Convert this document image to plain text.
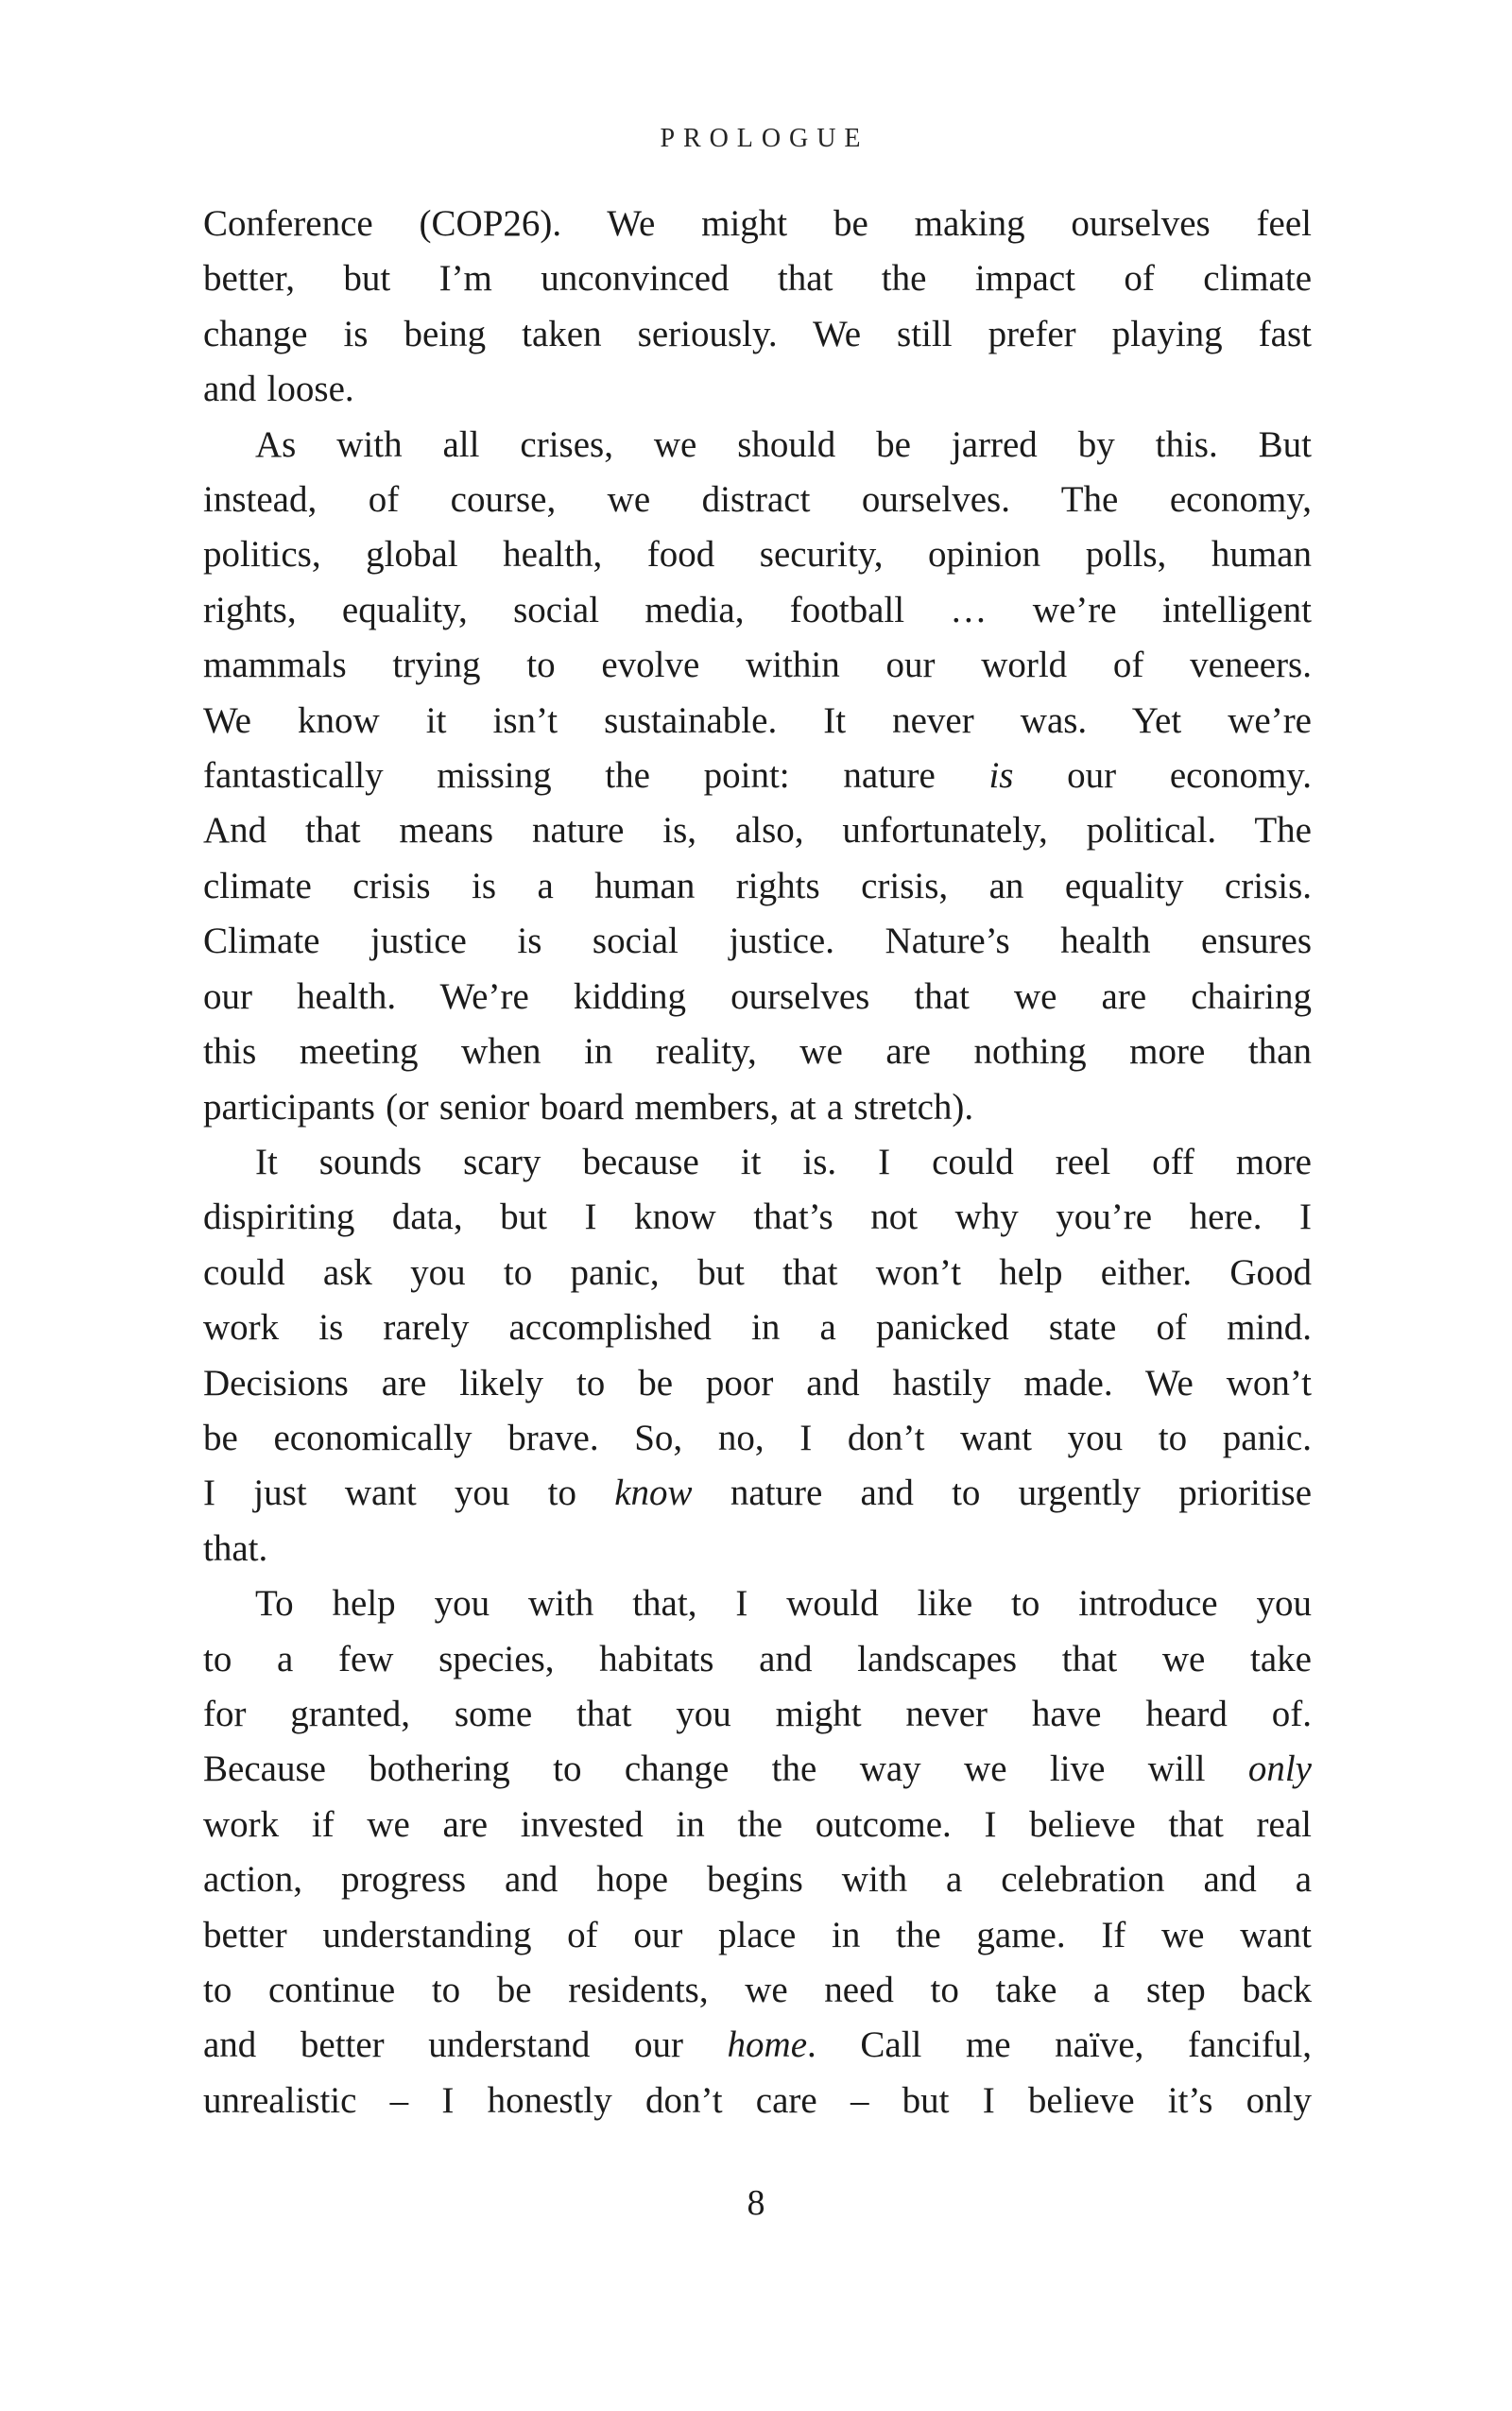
PROLOGUE
Conference (COP26). We might be making ourselves feel
better, but I’m unconvinced that the impact of climate
change is being taken seriously. We still prefer playing fast
and loose.
As with all crises, we should be jarred by this. But
instead, of course, we distract ourselves. The economy,
politics, global health, food security, opinion polls, human
rights, equality, social media, football … we’re intelligent
mammals trying to evolve within our world of veneers.
We know it isn’t sustainable. It never was. Yet we’re
fantastically missing the point: nature is our economy.
And that means nature is, also, unfortunately, political. The
climate crisis is a human rights crisis, an equality crisis.
Climate justice is social justice. Nature’s health ensures
our health. We’re kidding ourselves that we are chairing
this meeting when in reality, we are nothing more than
participants (or senior board members, at a stretch).
It sounds scary because it is. I could reel off more
dispiriting data, but I know that’s not why you’re here. I
could ask you to panic, but that won’t help either. Good
work is rarely accomplished in a panicked state of mind.
Decisions are likely to be poor and hastily made. We won’t
be economically brave. So, no, I don’t want you to panic.
I just want you to know nature and to urgently prioritise
that.
To help you with that, I would like to introduce you
to a few species, habitats and landscapes that we take
for granted, some that you might never have heard of.
Because bothering to change the way we live will only
work if we are invested in the outcome. I believe that real
action, progress and hope begins with a celebration and a
better understanding of our place in the game. If we want
to continue to be residents, we need to take a step back
and better understand our home. Call me naïve, fanciful,
unrealistic – I honestly don’t care – but I believe it’s only
8
